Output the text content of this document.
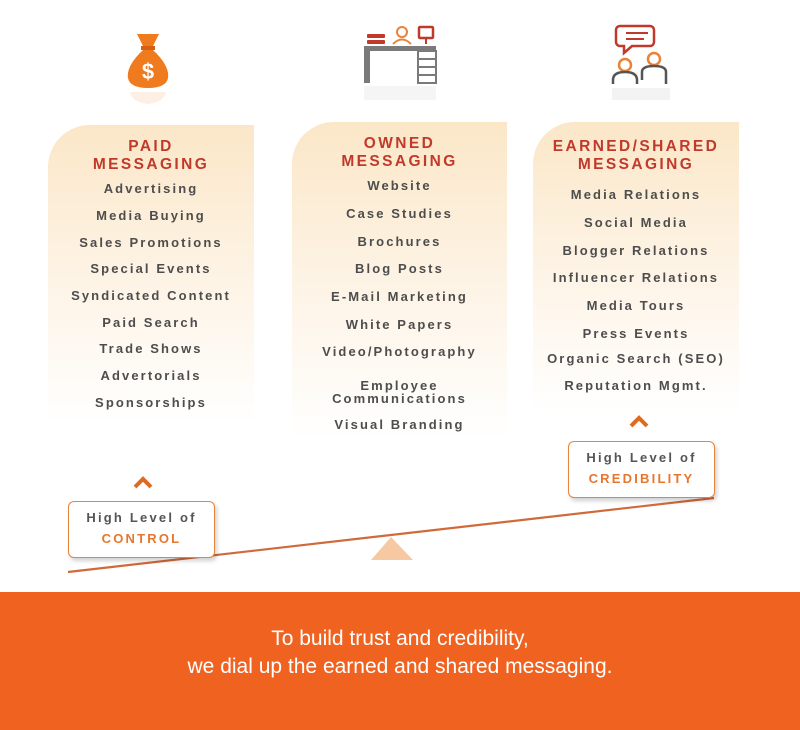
$
PAID
MESSAGING
Advertising
Media Buying
Sales Promotions
Special Events
Syndicated Content
Paid Search
Trade Shows
Advertorials
Sponsorships
OWNED
MESSAGING
Website
Case Studies
Brochures
Blog Posts
E-Mail Marketing
White Papers
Video/Photography
Employee
Communications
Visual Branding
EARNED/SHARED
MESSAGING
Media Relations
Social Media
Blogger Relations
Influencer Relations
Media Tours
Press Events
Organic Search (SEO)
Reputation Mgmt.
High Level of
CONTROL
High Level of
CREDIBILITY
To build trust and credibility,
we dial up the earned and shared messaging.
